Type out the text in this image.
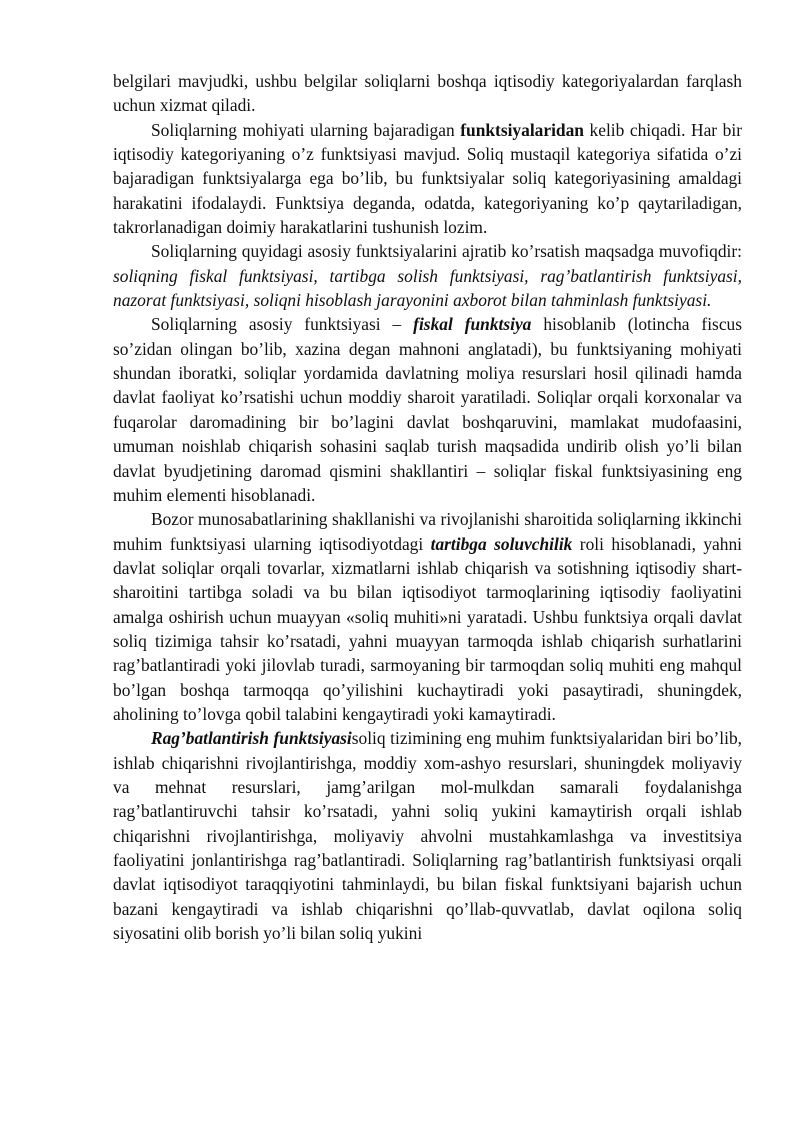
belgilari mavjudki, ushbu belgilar soliqlarni boshqa iqtisodiy kategoriyalardan farqlash uchun xizmat qiladi.

Soliqlarning mohiyati ularning bajaradigan funktsiyalaridan kelib chiqadi. Har bir iqtisodiy kategoriyaning o’z funktsiyasi mavjud. Soliq mustaqil kategoriya sifatida o’zi bajaradigan funktsiyalarga ega bo’lib, bu funktsiyalar soliq kategoriyasining amaldagi harakatini ifodalaydi. Funktsiya deganda, odatda, kategoriyaning ko’p qaytariladigan, takrorlanadigan doimiy harakatlarini tushunish lozim.

Soliqlarning quyidagi asosiy funktsiyalarini ajratib ko’rsatish maqsadga muvofiqdir: soliqning fiskal funktsiyasi, tartibga solish funktsiyasi, rag’batlantirish funktsiyasi, nazorat funktsiyasi, soliqni hisoblash jarayonini axborot bilan tahminlash funktsiyasi.

Soliqlarning asosiy funktsiyasi – fiskal funktsiya hisoblanib (lotincha fiscus so’zidan olingan bo’lib, xazina degan mahnoni anglatadi), bu funktsiyaning mohiyati shundan iboratki, soliqlar yordamida davlatning moliya resurslari hosil qilinadi hamda davlat faoliyat ko’rsatishi uchun moddiy sharoit yaratiladi. Soliqlar orqali korxonalar va fuqarolar daromadining bir bo’lagini davlat boshqaruvini, mamlakat mudofaasini, umuman noishlab chiqarish sohasini saqlab turish maqsadida undirib olish yo’li bilan davlat byudjetining daromad qismini shakllantiri – soliqlar fiskal funktsiyasining eng muhim elementi hisoblanadi.

Bozor munosabatlarining shakllanishi va rivojlanishi sharoitida soliqlarning ikkinchi muhim funktsiyasi ularning iqtisodiyotdagi tartibga soluvchilik roli hisoblanadi, yahni davlat soliqlar orqali tovarlar, xizmatlarni ishlab chiqarish va sotishning iqtisodiy shart-sharoitini tartibga soladi va bu bilan iqtisodiyot tarmoqlarining iqtisodiy faoliyatini amalga oshirish uchun muayyan «soliq muhiti»ni yaratadi. Ushbu funktsiya orqali davlat soliq tizimiga tahsir ko’rsatadi, yahni muayyan tarmoqda ishlab chiqarish surhatlarini rag’batlantiradi yoki jilovlab turadi, sarmoyaning bir tarmoqdan soliq muhiti eng mahqul bo’lgan boshqa tarmoqqa qo’yilishini kuchaytiradi yoki pasaytiradi, shuningdek, aholining to’lovga qobil talabini kengaytiradi yoki kamaytiradi.

Rag’batlantirish funktsiyasisoliq tizimining eng muhim funktsiyalaridan biri bo’lib, ishlab chiqarishni rivojlantirishga, moddiy xom-ashyo resurslari, shuningdek moliyaviy va mehnat resurslari, jamg’arilgan mol-mulkdan samarali foydalanishga rag’batlantiruvchi tahsir ko’rsatadi, yahni soliq yukini kamaytirish orqali ishlab chiqarishni rivojlantirishga, moliyaviy ahvolni mustahkamlashga va investitsiya faoliyatini jonlantirishga rag’batlantiradi. Soliqlarning rag’batlantirish funktsiyasi orqali davlat iqtisodiyot taraqqiyotini tahminlaydi, bu bilan fiskal funktsiyani bajarish uchun bazani kengaytiradi va ishlab chiqarishni qo’llab-quvvatlab, davlat oqilona soliq siyosatini olib borish yo’li bilan soliq yukini
